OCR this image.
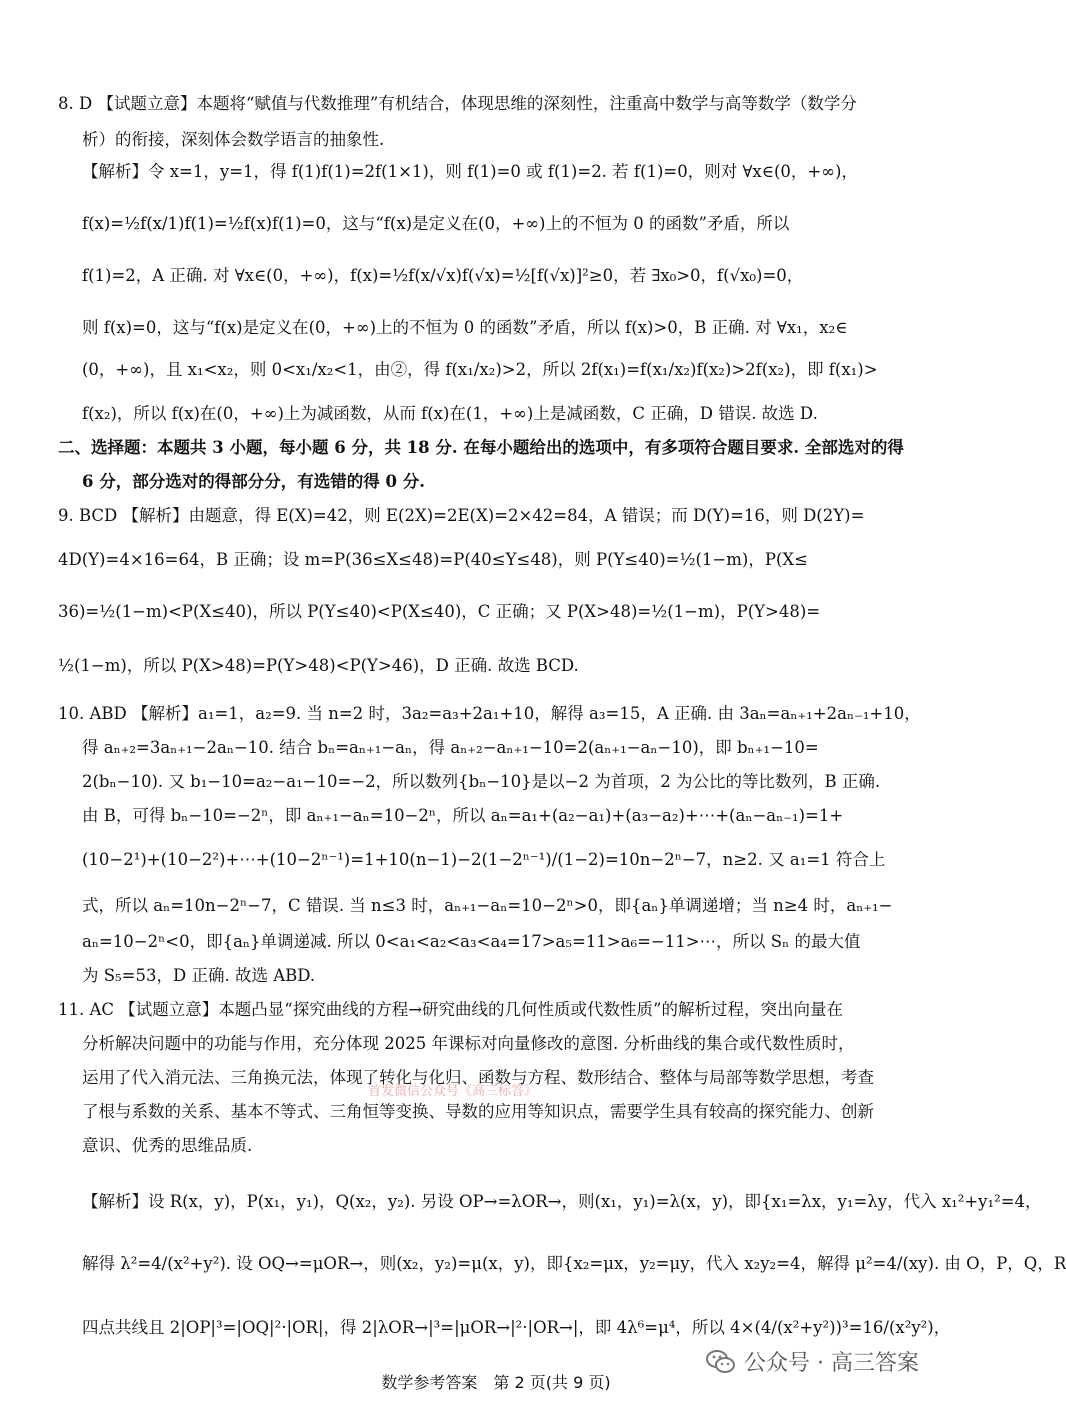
8. D 【试题立意】本题将“赋值与代数推理”有机结合，体现思维的深刻性，注重高中数学与高等数学（数学分
析）的衔接，深刻体会数学语言的抽象性.
【解析】令 x=1，y=1，得 f(1)f(1)=2f(1×1)，则 f(1)=0 或 f(1)=2. 若 f(1)=0，则对 ∀x∈(0，+∞)，
f(x)=½f(x/1)f(1)=½f(x)f(1)=0，这与“f(x)是定义在(0，+∞)上的不恒为 0 的函数”矛盾，所以
f(1)=2，A 正确. 对 ∀x∈(0，+∞)，f(x)=½f(x/√x)f(√x)=½[f(√x)]²≥0，若 ∃x₀>0，f(√x₀)=0，
则 f(x)=0，这与“f(x)是定义在(0，+∞)上的不恒为 0 的函数”矛盾，所以 f(x)>0，B 正确. 对 ∀x₁，x₂∈
(0，+∞)，且 x₁<x₂，则 0<x₁/x₂<1，由②，得 f(x₁/x₂)>2，所以 2f(x₁)=f(x₁/x₂)f(x₂)>2f(x₂)，即 f(x₁)>
f(x₂)，所以 f(x)在(0，+∞)上为减函数，从而 f(x)在(1，+∞)上是减函数，C 正确，D 错误. 故选 D.
二、选择题：本题共 3 小题，每小题 6 分，共 18 分. 在每小题给出的选项中，有多项符合题目要求. 全部选对的得
6 分，部分选对的得部分分，有选错的得 0 分.
9. BCD 【解析】由题意，得 E(X)=42，则 E(2X)=2E(X)=2×42=84，A 错误；而 D(Y)=16，则 D(2Y)=
4D(Y)=4×16=64，B 正确；设 m=P(36≤X≤48)=P(40≤Y≤48)，则 P(Y≤40)=½(1−m)，P(X≤
36)=½(1−m)<P(X≤40)，所以 P(Y≤40)<P(X≤40)，C 正确；又 P(X>48)=½(1−m)，P(Y>48)=
½(1−m)，所以 P(X>48)=P(Y>48)<P(Y>46)，D 正确. 故选 BCD.
10. ABD 【解析】a₁=1，a₂=9. 当 n=2 时，3a₂=a₃+2a₁+10，解得 a₃=15，A 正确. 由 3aₙ=aₙ₊₁+2aₙ₋₁+10，
得 aₙ₊₂=3aₙ₊₁−2aₙ−10. 结合 bₙ=aₙ₊₁−aₙ，得 aₙ₊₂−aₙ₊₁−10=2(aₙ₊₁−aₙ−10)，即 bₙ₊₁−10=
2(bₙ−10). 又 b₁−10=a₂−a₁−10=−2，所以数列{bₙ−10}是以−2 为首项，2 为公比的等比数列，B 正确.
由 B，可得 bₙ−10=−2ⁿ，即 aₙ₊₁−aₙ=10−2ⁿ，所以 aₙ=a₁+(a₂−a₁)+(a₃−a₂)+⋯+(aₙ−aₙ₋₁)=1+
(10−2¹)+(10−2²)+⋯+(10−2ⁿ⁻¹)=1+10(n−1)−2(1−2ⁿ⁻¹)/(1−2)=10n−2ⁿ−7，n≥2. 又 a₁=1 符合上
式，所以 aₙ=10n−2ⁿ−7，C 错误. 当 n≤3 时，aₙ₊₁−aₙ=10−2ⁿ>0，即{aₙ}单调递增；当 n≥4 时，aₙ₊₁−
aₙ=10−2ⁿ<0，即{aₙ}单调递减. 所以 0<a₁<a₂<a₃<a₄=17>a₅=11>a₆=−11>⋯，所以 Sₙ 的最大值
为 S₅=53，D 正确. 故选 ABD.
11. AC 【试题立意】本题凸显“探究曲线的方程→研究曲线的几何性质或代数性质”的解析过程，突出向量在
分析解决问题中的功能与作用，充分体现 2025 年课标对向量修改的意图. 分析曲线的集合或代数性质时，
运用了代入消元法、三角换元法，体现了转化与化归、函数与方程、数形结合、整体与局部等数学思想，考查
了根与系数的关系、基本不等式、三角恒等变换、导数的应用等知识点，需要学生具有较高的探究能力、创新
意识、优秀的思维品质.
【解析】设 R(x，y)，P(x₁，y₁)，Q(x₂，y₂). 另设 OP→=λOR→，则(x₁，y₁)=λ(x，y)，即{x₁=λx，y₁=λy，代入 x₁²+y₁²=4，
解得 λ²=4/(x²+y²). 设 OQ→=μOR→，则(x₂，y₂)=μ(x，y)，即{x₂=μx，y₂=μy，代入 x₂y₂=4，解得 μ²=4/(xy). 由 O，P，Q，R
四点共线且 2|OP|³=|OQ|²·|OR|，得 2|λOR→|³=|μOR→|²·|OR→|，即 4λ⁶=μ⁴，所以 4×(4/(x²+y²))³=16/(x²y²)，
首发微信公众号《高三标答》
公众号 · 高三答案
数学参考答案　第 2 页(共 9 页)
